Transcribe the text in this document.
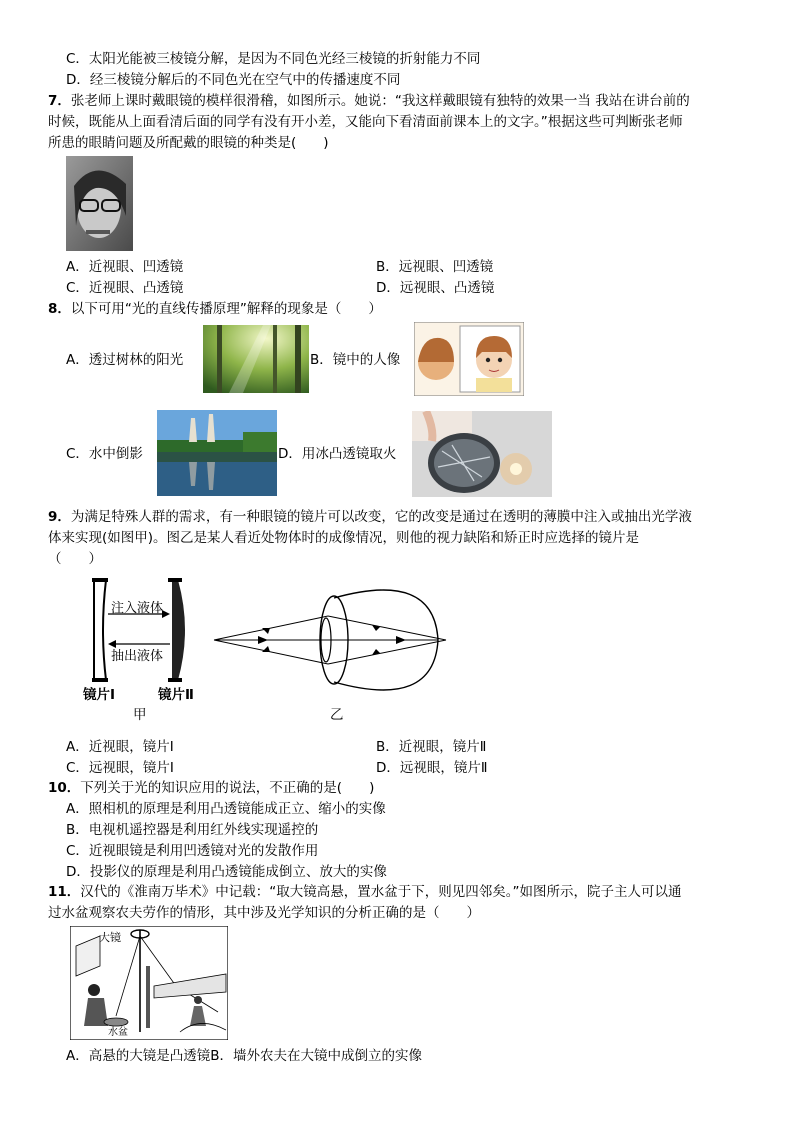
C．太阳光能被三棱镜分解，是因为不同色光经三棱镜的折射能力不同
D．经三棱镜分解后的不同色光在空气中的传播速度不同
7．张老师上课时戴眼镜的模样很滑稽，如图所示。她说：“我这样戴眼镜有独特的效果一当 我站在讲台前的
时候，既能从上面看清后面的同学有没有开小差，又能向下看清面前课本上的文字。”根据这些可判断张老师
所患的眼睛问题及所配戴的眼镜的种类是(　　)
A．近视眼、凹透镜	B．远视眼、凹透镜
C．近视眼、凸透镜	D．远视眼、凸透镜
8．以下可用“光的直线传播原理”解释的现象是（　　）
A．透过树林的阳光	B．镜中的人像
C．水中倒影	D．用冰凸透镜取火
9．为满足特殊人群的需求，有一种眼镜的镜片可以改变，它的改变是通过在透明的薄膜中注入或抽出光学液
体来实现(如图甲)。图乙是某人看近处物体时的成像情况，则他的视力缺陷和矫正时应选择的镜片是
（　　）
注入液体
抽出液体
镜片Ⅰ	镜片Ⅱ
甲	乙
A．近视眼，镜片Ⅰ	B．近视眼，镜片Ⅱ
C．远视眼，镜片Ⅰ	D．远视眼，镜片Ⅱ
10．下列关于光的知识应用的说法，不正确的是(　　)
A．照相机的原理是利用凸透镜能成正立、缩小的实像
B．电视机遥控器是利用红外线实现遥控的
C．近视眼镜是利用凹透镜对光的发散作用
D．投影仪的原理是利用凸透镜能成倒立、放大的实像
11．汉代的《淮南万毕术》中记载：“取大镜高悬，置水盆于下，则见四邻矣。”如图所示，院子主人可以通
过水盆观察农夫劳作的情形，其中涉及光学知识的分析正确的是（　　）
大镜
水盆
A．高悬的大镜是凸透镜B．墙外农夫在大镜中成倒立的实像
